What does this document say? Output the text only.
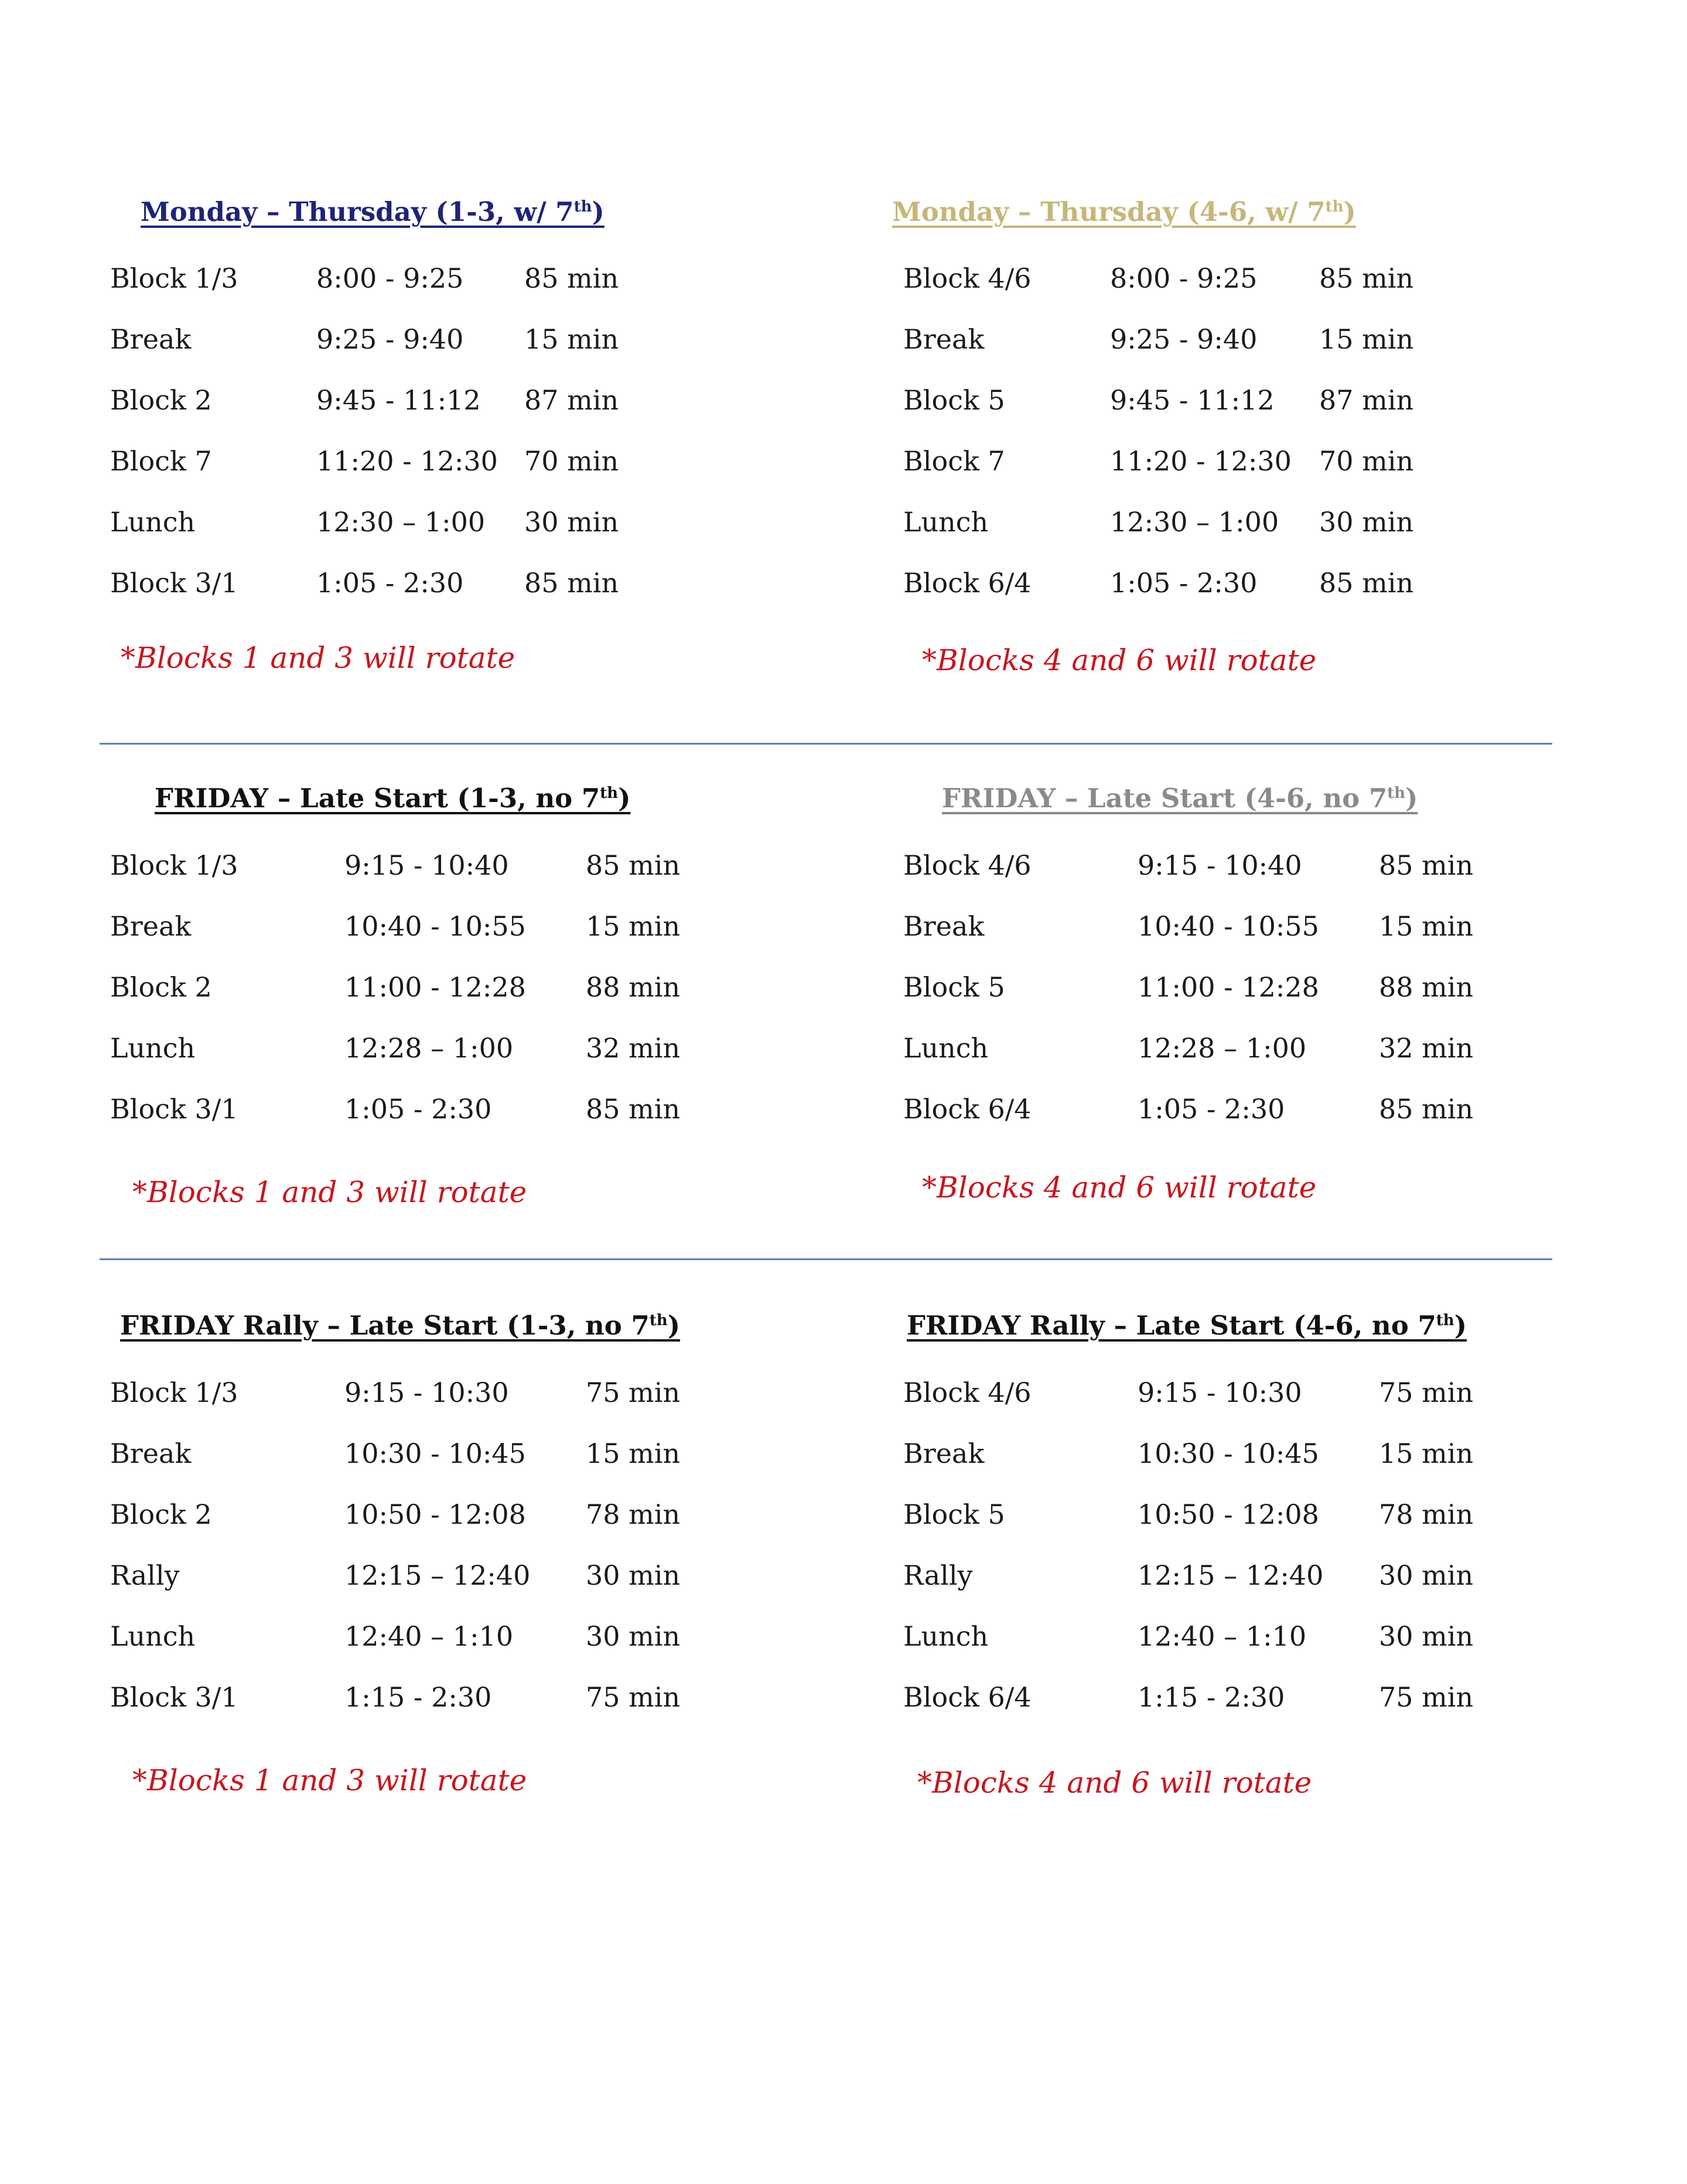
Monday – Thursday (1-3, w/ 7th)
Block 1/3	8:00 - 9:25 85 min
Break	9:25 - 9:40 15 min
Block 2	9:45 - 11:12 87 min
Block 7	11:20 - 12:30 70 min
Lunch	12:30 – 1:00 30 min
Block 3/1	1:05 - 2:30 85 min
*Blocks 1 and 3 will rotate
Monday – Thursday (4-6, w/ 7th)
Block 4/6	8:00 - 9:25 85 min
Break	9:25 - 9:40 15 min
Block 5	9:45 - 11:12 87 min
Block 7	11:20 - 12:30 70 min
Lunch	12:30 – 1:00 30 min
Block 6/4	1:05 - 2:30 85 min
*Blocks 4 and 6 will rotate
FRIDAY – Late Start (1-3, no 7th)
Block 1/3	9:15 - 10:40	85 min
Break	10:40 - 10:55 15 min
Block 2	11:00 - 12:28 88 min
Lunch	12:28 – 1:00	32 min
Block 3/1	1:05 - 2:30	85 min
*Blocks 1 and 3 will rotate
FRIDAY – Late Start (4-6, no 7th)
Block 4/6	9:15 - 10:40	85 min
Break	10:40 - 10:55 15 min
Block 5	11:00 - 12:28 88 min
Lunch	12:28 – 1:00	32 min
Block 6/4	1:05 - 2:30	85 min
*Blocks 4 and 6 will rotate
FRIDAY Rally – Late Start (1-3, no 7th)
Block 1/3	9:15 - 10:30	75 min
Break	10:30 - 10:45 15 min
Block 2	10:50 - 12:08 78 min
Rally	12:15 – 12:40 30 min
Lunch	12:40 – 1:10	30 min
Block 3/1	1:15 - 2:30	75 min
*Blocks 1 and 3 will rotate
FRIDAY Rally – Late Start (4-6, no 7th)
Block 4/6	9:15 - 10:30	75 min
Break	10:30 - 10:45 15 min
Block 5	10:50 - 12:08 78 min
Rally	12:15 – 12:40 30 min
Lunch	12:40 – 1:10	30 min
Block 6/4	1:15 - 2:30	75 min
*Blocks 4 and 6 will rotate
